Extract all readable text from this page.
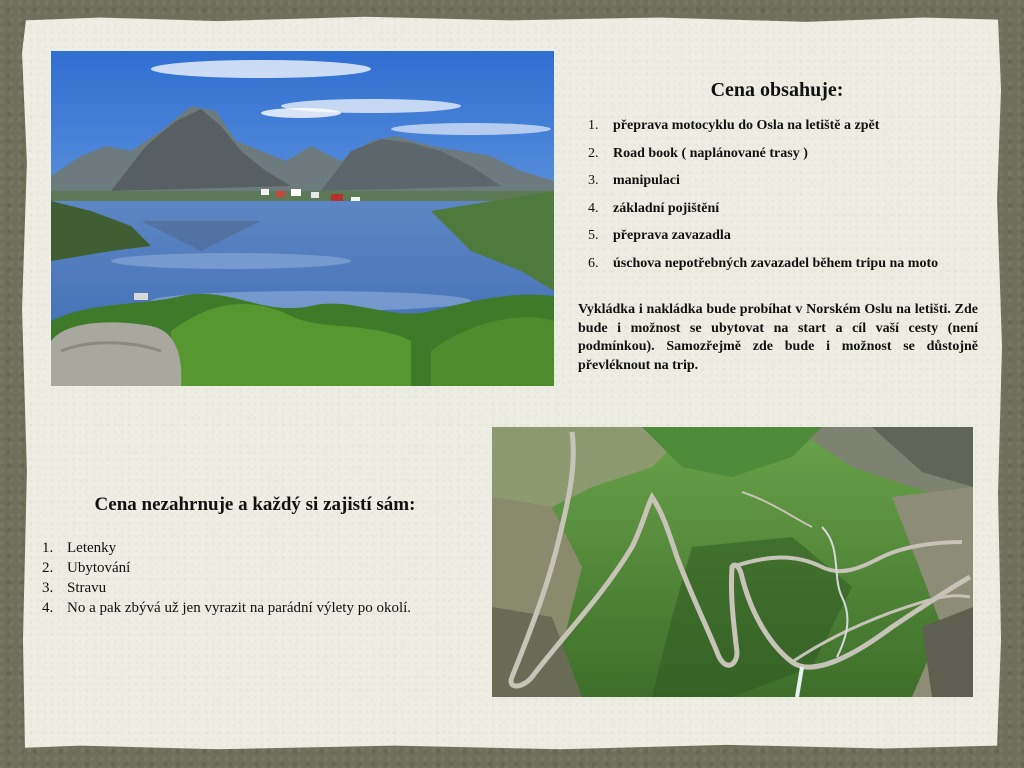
Cena obsahuje:
1. přeprava motocyklu do Osla na letiště a zpět
2. Road book ( naplánované trasy )
3. manipulaci
4. základní pojištění
5. přeprava zavazadla
6. úschova nepotřebných zavazadel během tripu na moto

Vykládka i nakládka bude probíhat v Norském Oslu na letišti. Zde bude i možnost se ubytovat na start a cíl vaší cesty (není podmínkou). Samozřejmě zde bude i možnost se důstojně převléknout na trip.

Cena nezahrnuje a každý si zajistí sám:
1. Letenky
2. Ubytování
3. Stravu
4. No a pak zbývá už jen vyrazit na parádní výlety po okolí.
